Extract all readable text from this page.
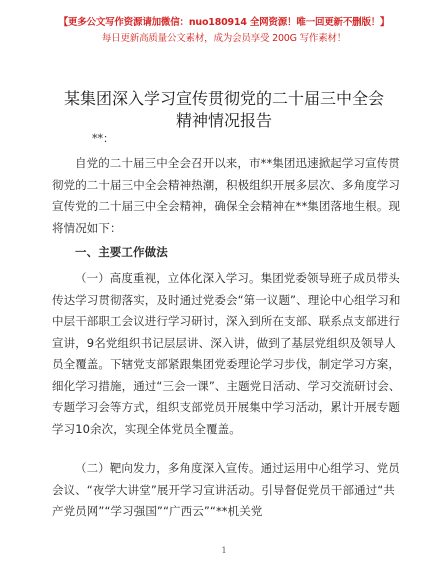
【更多公文写作资源请加微信：nuo180914 全网资源！唯一回更新不删版！】
每日更新高质量公文素材，成为会员享受 200G 写作素材！
某集团深入学习宣传贯彻党的二十届三中全会
精神情况报告
**：
自党的二十届三中全会召开以来，市**集团迅速掀起学习宣传贯彻党的二十届三中全会精神热潮，积极组织开展多层次、多角度学习宣传党的二十届三中全会精神，确保全会精神在**集团落地生根。现将情况如下：
一、主要工作做法
（一）高度重视，立体化深入学习。集团党委领导班子成员带头传达学习贯彻落实，及时通过党委会“第一议题”、理论中心组学习和中层干部职工会议进行学习研讨，深入到所在支部、联系点支部进行宣讲，9名党组织书记层层讲、深入讲，做到了基层党组织及领导人员全覆盖。下辖党支部紧跟集团党委理论学习步伐，制定学习方案，细化学习措施，通过“三会一课”、主题党日活动、学习交流研讨会、专题学习会等方式，组织支部党员开展集中学习活动，累计开展专题学习10余次，实现全体党员全覆盖。
（二）靶向发力，多角度深入宣传。通过运用中心组学习、党员会议、“夜学大讲堂”展开学习宣讲活动。引导督促党员干部通过“共产党员网”“学习强国”“广西云”“**机关党
1
